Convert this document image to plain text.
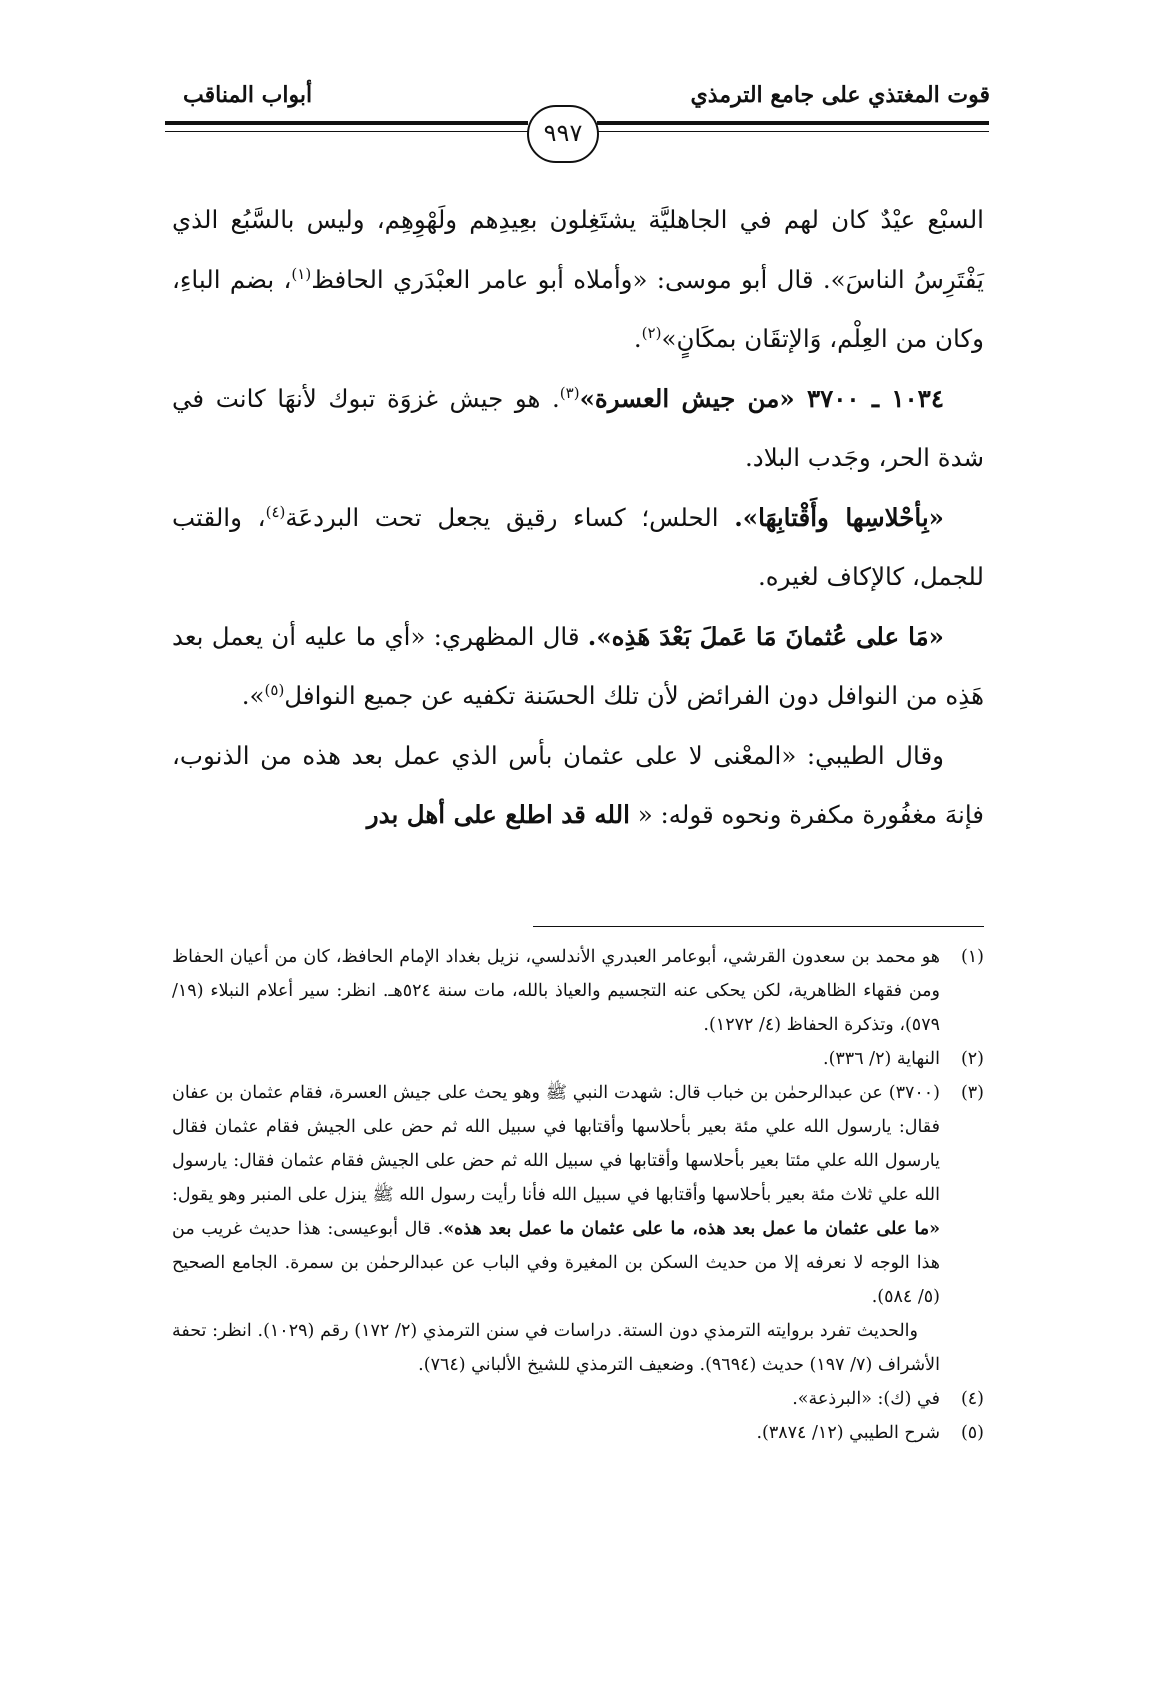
قوت المغتذي على جامع الترمذي
أبواب المناقب
٩٩٧

السبْع عيْدٌ كان لهم في الجاهليَّة يشتَغِلون بعِيدِهم ولَهْوِهِم، وليس بالسَّبُع الذي يَفْتَرِسُ الناسَ». قال أبو موسى: «وأملاه أبو عامر العبْدَري الحافظ$^{(١)}$، بضم الباءِ، وكان من العِلْم، وَالإتقَان بمكَانٍ»$^{(٢)}$.

١٠٣٤ ـ ٣٧٠٠ «من جيش العسرة»$^{(٣)}$. هو جيش غزوَة تبوك لأنهَا كانت في شدة الحر، وجَدب البلاد.

«بِأحْلاسِها وأَقْتابِهَا». الحلس؛ كساء رقيق يجعل تحت البردعَة$^{(٤)}$، والقتب للجمل، كالإكاف لغيره.

«مَا على عُثمانَ مَا عَملَ بَعْدَ هَذِه». قال المظهري: «أي ما عليه أن يعمل بعد هَذِه من النوافل دون الفرائض لأن تلك الحسَنة تكفيه عن جميع النوافل$^{(٥)}$».

وقال الطيبي: «المعْنى لا على عثمان بأس الذي عمل بعد هذه من الذنوب، فإنهَ مغفُورة مكفرة ونحوه قوله: « الله قد اطلع على أهل بدر

(١)

هو محمد بن سعدون القرشي، أبوعامر العبدري الأندلسي، نزيل بغداد الإمام الحافظ، كان من أعيان الحفاظ ومن فقهاء الظاهرية، لكن يحكى عنه التجسيم والعياذ بالله، مات سنة ٥٢٤هـ. انظر: سير أعلام النبلاء (١٩/ ٥٧٩)، وتذكرة الحفاظ (٤/ ١٢٧٢).

(٢)

النهاية (٢/ ٣٣٦).

(٣)

(٣٧٠٠) عن عبدالرحمٰن بن خباب قال: شهدت النبي ﷺ وهو يحث على جيش العسرة، فقام عثمان بن عفان فقال: يارسول الله علي مئة بعير بأحلاسها وأقتابها في سبيل الله ثم حض على الجيش فقام عثمان فقال يارسول الله علي مئتا بعير بأحلاسها وأقتابها في سبيل الله ثم حض على الجيش فقام عثمان فقال: يارسول الله علي ثلاث مئة بعير بأحلاسها وأقتابها في سبيل الله فأنا رأيت رسول الله ﷺ ينزل على المنبر وهو يقول: «ما على عثمان ما عمل بعد هذه، ما على عثمان ما عمل بعد هذه». قال أبوعيسى: هذا حديث غريب من هذا الوجه لا نعرفه إلا من حديث السكن بن المغيرة وفي الباب عن عبدالرحمٰن بن سمرة. الجامع الصحيح (٥/ ٥٨٤).

والحديث تفرد بروايته الترمذي دون الستة. دراسات في سنن الترمذي (٢/ ١٧٢) رقم (١٠٢٩). انظر: تحفة الأشراف (٧/ ١٩٧) حديث (٩٦٩٤). وضعيف الترمذي للشيخ الألباني (٧٦٤).

(٤)

في (ك): «البرذعة».

(٥)

شرح الطيبي (١٢/ ٣٨٧٤).
